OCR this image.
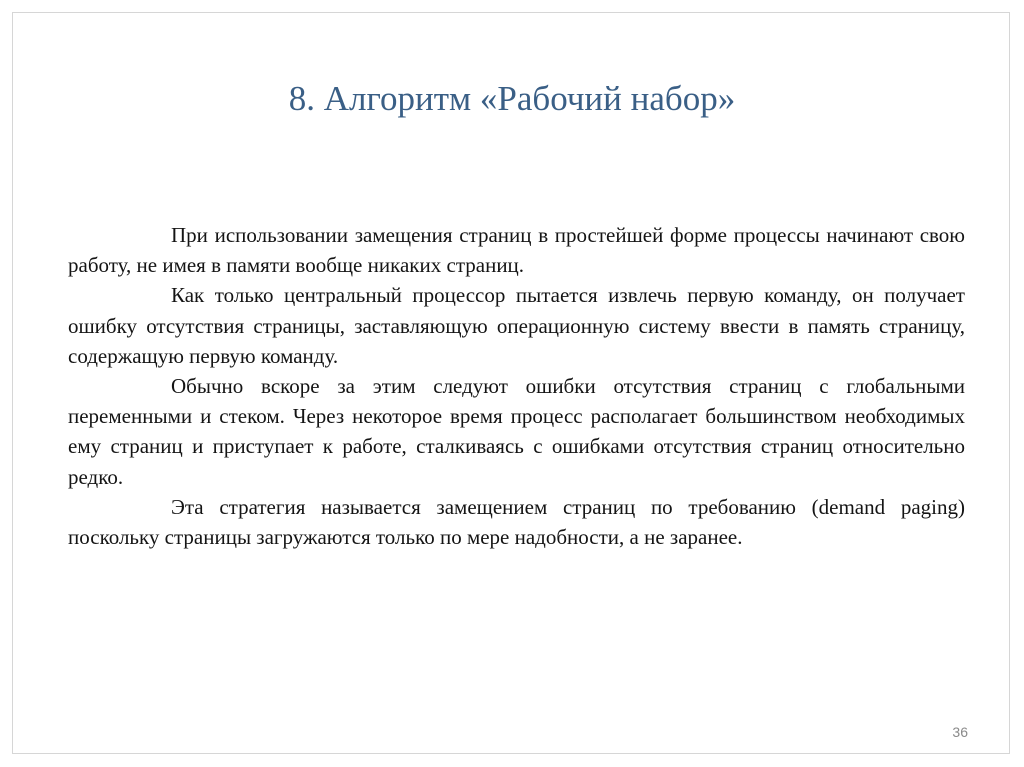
8. Алгоритм «Рабочий набор»

При использовании замещения страниц в простейшей форме процессы начинают свою работу, не имея в памяти вообще никаких страниц.

Как только центральный процессор пытается извлечь первую команду, он получает ошибку отсутствия страницы, заставляющую операционную систему ввести в память страницу, содержащую первую команду.

Обычно вскоре за этим следуют ошибки отсутствия страниц с глобальными переменными и стеком. Через некоторое время процесс располагает большинством необходимых ему страниц и приступает к работе, сталкиваясь с ошибками отсутствия страниц относительно редко.

Эта стратегия называется замещением страниц по требованию (demand paging) поскольку страницы загружаются только по мере надобности, а не заранее.

36
